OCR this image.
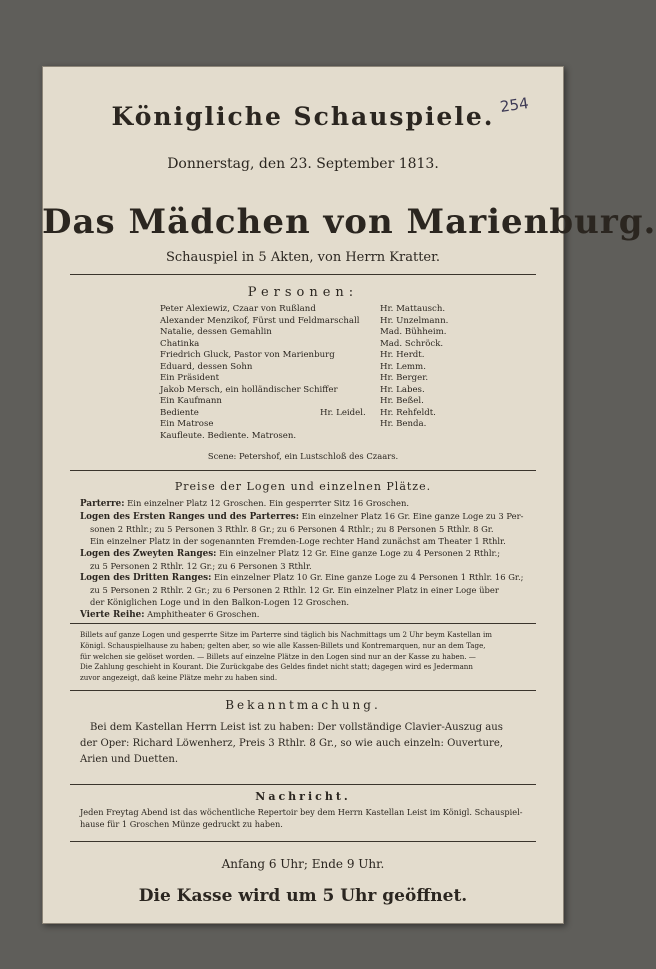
254
Königliche Schauspiele.
Donnerstag, den 23. September 1813.
Das Mädchen von Marienburg.
Schauspiel in 5 Akten, von Herrn Kratter.
Personen:
Peter Alexiewiz, Czaar von Rußland	Hr. Mattausch.
Alexander Menzikof, Fürst und Feldmarschall Hr. Unzelmann.
Natalie, dessen Gemahlin	Mad. Bühheim.
Chatinka	Mad. Schröck.
Friedrich Gluck, Pastor von Marienburg	Hr. Herdt.
Eduard, dessen Sohn	Hr. Lemm.
Ein Präsident	Hr. Berger.
Jakob Mersch, ein holländischer Schiffer	Hr. Labes.
Ein Kaufmann	Hr. Beßel.
Bediente	Hr. Leidel. Hr. Rehfeldt.
Ein Matrose	Hr. Benda.
Kaufleute. Bediente. Matrosen.
Scene: Petershof, ein Lustschloß des Czaars.
Preise der Logen und einzelnen Plätze.
Parterre: Ein einzelner Platz 12 Groschen. Ein gesperrter Sitz 16 Groschen.
Logen des Ersten Ranges und des Parterres: Ein einzelner Platz 16 Gr. Eine ganze Loge zu 3 Per-
sonen 2 Rthlr.; zu 5 Personen 3 Rthlr. 8 Gr.; zu 6 Personen 4 Rthlr.; zu 8 Personen 5 Rthlr. 8 Gr.
Ein einzelner Platz in der sogenannten Fremden-Loge rechter Hand zunächst am Theater 1 Rthlr.
Logen des Zweyten Ranges: Ein einzelner Platz 12 Gr. Eine ganze Loge zu 4 Personen 2 Rthlr.;
zu 5 Personen 2 Rthlr. 12 Gr.; zu 6 Personen 3 Rthlr.
Logen des Dritten Ranges: Ein einzelner Platz 10 Gr. Eine ganze Loge zu 4 Personen 1 Rthlr. 16 Gr.;
zu 5 Personen 2 Rthlr. 2 Gr.; zu 6 Personen 2 Rthlr. 12 Gr. Ein einzelner Platz in einer Loge über
der Königlichen Loge und in den Balkon-Logen 12 Groschen.
Vierte Reihe: Amphitheater 6 Groschen.
Billets auf ganze Logen und gesperrte Sitze im Parterre sind täglich bis Nachmittags um 2 Uhr beym Kastellan im
Königl. Schauspielhause zu haben; gelten aber, so wie alle Kassen-Billets und Kontremarquen, nur an dem Tage,
für welchen sie gelöset worden. — Billets auf einzelne Plätze in den Logen sind nur an der Kasse zu haben. —
Die Zahlung geschieht in Kourant. Die Zurückgabe des Geldes findet nicht statt; dagegen wird es Jedermann
zuvor angezeigt, daß keine Plätze mehr zu haben sind.
Bekanntmachung.
Bei dem Kastellan Herrn Leist ist zu haben: Der vollständige Clavier-Auszug aus
der Oper: Richard Löwenherz, Preis 3 Rthlr. 8 Gr., so wie auch einzeln: Ouverture,
Arien und Duetten.
Nachricht.
Jeden Freytag Abend ist das wöchentliche Repertoir bey dem Herrn Kastellan Leist im Königl. Schauspiel-
hause für 1 Groschen Münze gedruckt zu haben.
Anfang 6 Uhr; Ende 9 Uhr.
Die Kasse wird um 5 Uhr geöffnet.
